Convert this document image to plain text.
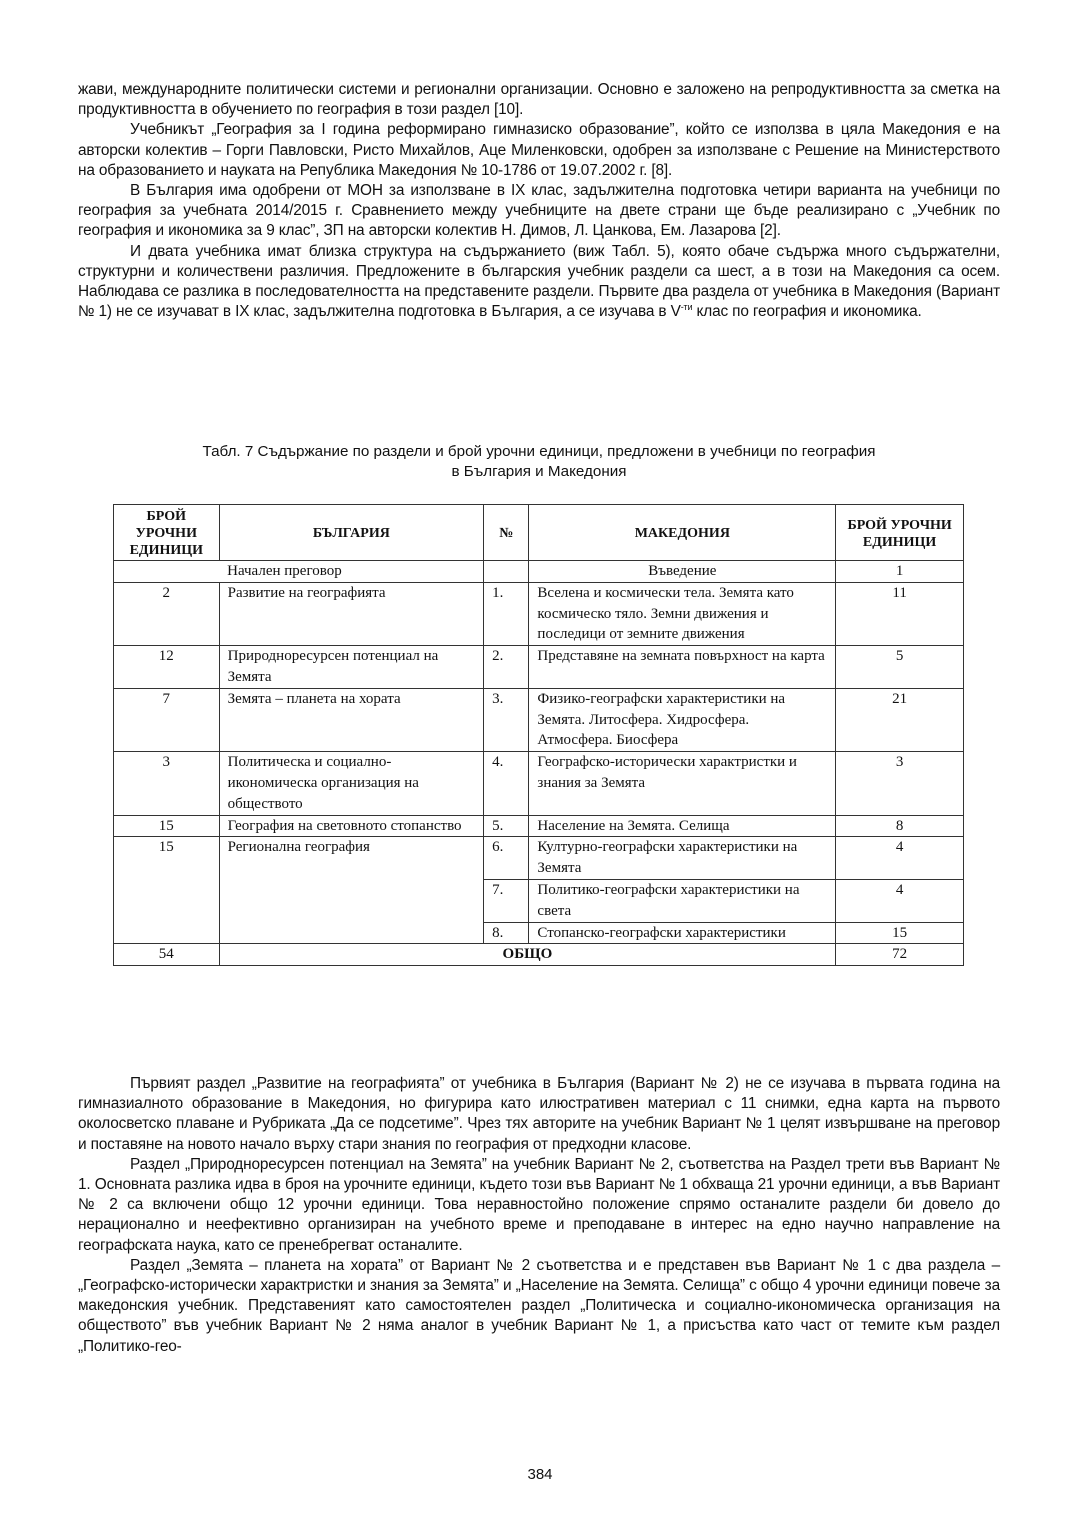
жави, международните политически системи и регионални организации. Основно е заложено на репродуктивността за сметка на продуктивността в обучението по география в този раздел [10].

Учебникът „География за I година реформирано гимназиско образование”, който се използва в цяла Македония е на авторски колектив – Горги Павловски, Ристо Михайлов, Аце Миленковски, одобрен за използване с Решение на Министерството на образованието и науката на Република Македония № 10-1786 от 19.07.2002 г. [8].

В България има одобрени от МОН за използване в IX клас, задължителна подготовка четири варианта на учебници по география за учебната 2014/2015 г. Сравнението между учебниците на двете страни ще бъде реализирано с „Учебник по география и икономика за 9 клас”, ЗП на авторски колектив Н. Димов, Л. Цанкова, Ем. Лазарова [2].

И двата учебника имат близка структура на съдържанието (виж Табл. 5), която обаче съдържа много съдържателни, структурни и количествени различия. Предложените в българския учебник раздели са шест, а в този на Македония са осем. Наблюдава се разлика в последователността на представените раздели. Първите два раздела от учебника в Македония (Вариант № 1) не се изучават в IX клас, задължителна подготовка в България, а се изучава в $V^{-ти}$ клас по география и икономика.

Табл. 7 Съдържание по раздели и брой урочни единици, предложени в учебници по география
в България и Македония

БРОЙ УРОЧНИ ЕДИНИЦИ	БЪЛГАРИЯ	№	МАКЕДОНИЯ	БРОЙ УРОЧНИ ЕДИНИЦИ
	Начален преговор		Въведение	1
2	Развитие на географията	1.	Вселена и космически тела. Земята като космическо тяло. Земни движения и последици от земните движения	11
12	Природноресурсен потенциал на Земята	2.	Представяне на земната повърхност на карта	5
7	Земята – планета на хората	3.	Физико-географски характеристики на Земята. Литосфера. Хидросфера. Атмосфера. Биосфера	21
3	Политическа и социално-икономическа организация на обществото	4.	Географско-исторически характристки и знания за Земята	3
15	География на световното стопанство	5.	Население на Земята. Селища	8
15	Регионална география	6.	Културно-географски характеристики на Земята	4
		7.	Политико-географски характеристики на света	4
		8.	Стопанско-географски характеристики	15
54	ОБЩО			72

Първият раздел „Развитие на географията” от учебника в България (Вариант № 2) не се изучава в първата година на гимназиалното образование в Македония, но фигурира като илюстративен материал с 11 снимки, една карта на първото околосветско плаване и Рубриката „Да се подсетиме”. Чрез тях авторите на учебник Вариант № 1 целят извършване на преговор и поставяне на новото начало върху стари знания по география от предходни класове.

Раздел „Природноресурсен потенциал на Земята” на учебник Вариант № 2, съответства на Раздел трети във Вариант № 1. Основната разлика идва в броя на урочните единици, където този във Вариант № 1 обхваща 21 урочни единици, а във Вариант № 2 са включени общо 12 урочни единици. Това неравностойно положение спрямо останалите раздели би довело до нерационално и неефективно организиран на учебното време и преподаване в интерес на едно научно направление на географската наука, като се пренебрегват останалите.

Раздел „Земята – планета на хората” от Вариант № 2 съответства и е представен във Вариант № 1 с два раздела – „Географско-исторически характристки и знания за Земята” и „Население на Земята. Селища” с общо 4 урочни единици повече за македонския учебник. Представеният като самостоятелен раздел „Политическа и социално-икономическа организация на обществото” във учебник Вариант № 2 няма аналог в учебник Вариант № 1, а присъства като част от темите към раздел „Политико-гео-

384
